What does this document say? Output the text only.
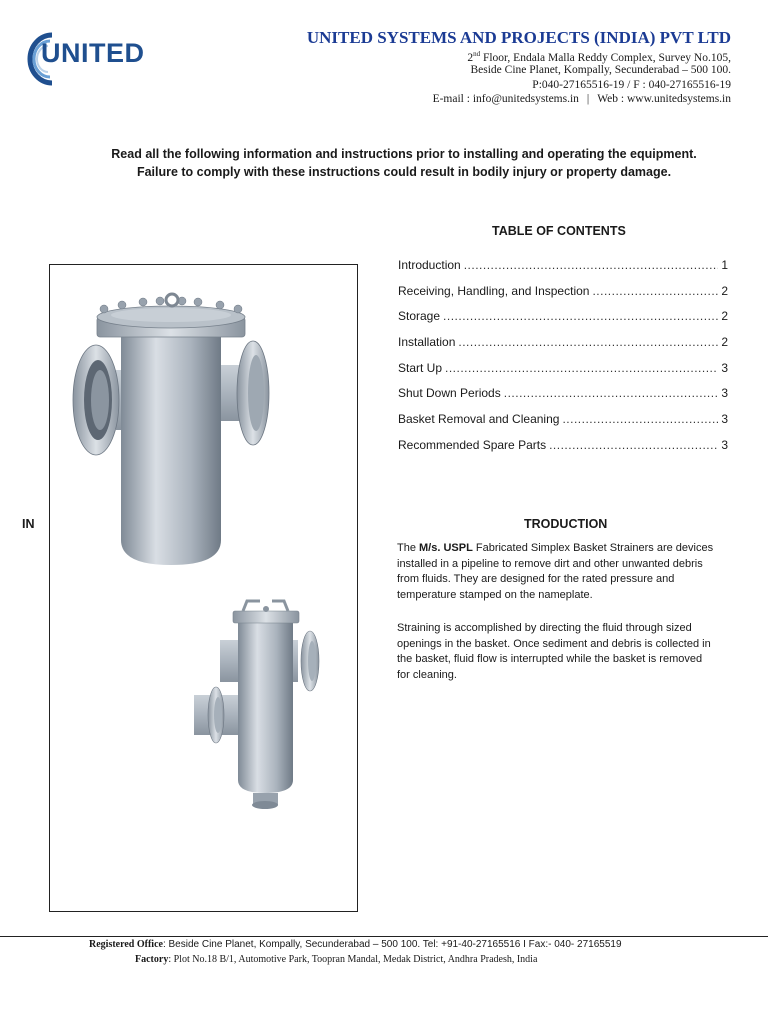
UNITED
UNITED SYSTEMS AND PROJECTS (INDIA) PVT LTD
2nd Floor, Endala Malla Reddy Complex, Survey No.105,
Beside Cine Planet, Kompally, Secunderabad – 500 100.
P:040-27165516-19 / F : 040-27165516-19
E-mail : info@unitedsystems.in | Web : www.unitedsystems.in
Read all the following information and instructions prior to installing and operating the equipment.
Failure to comply with these instructions could result in bodily injury or property damage.
TABLE OF CONTENTS
Introduction .....	1
Receiving, Handling, and Inspection .....	2
Storage .....	2
Installation .....	2
Start Up .....	3
Shut Down Periods .....	3
Basket Removal and Cleaning .....	3
Recommended Spare Parts .....	3
IN	TRODUCTION
The M/s. USPL Fabricated Simplex Basket Strainers are devices installed in a pipeline to remove dirt and other unwanted debris from fluids. They are designed for the rated pressure and temperature stamped on the nameplate.
Straining is accomplished by directing the fluid through sized openings in the basket. Once sediment and debris is collected in the basket, fluid flow is interrupted while the basket is removed for cleaning.
Registered Office: Beside Cine Planet, Kompally, Secunderabad – 500 100. Tel: +91-40-27165516 I Fax:- 040- 27165519
Factory: Plot No.18 B/1, Automotive Park, Toopran Mandal, Medak District, Andhra Pradesh, India
